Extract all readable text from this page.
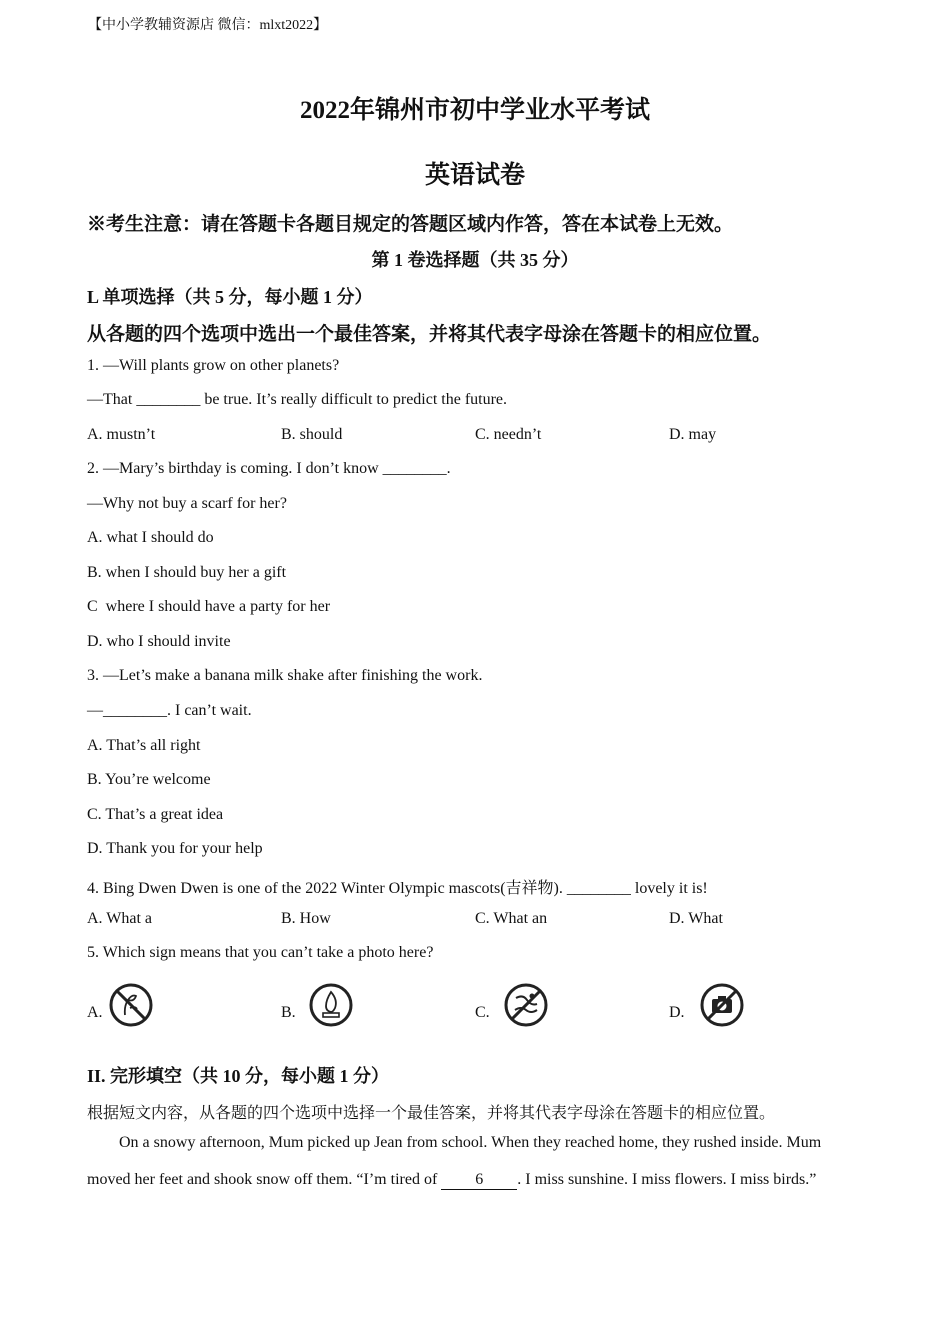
【中小学教辅资源店 微信：mlxt2022】
2022年锦州市初中学业水平考试
英语试卷
※考生注意：请在答题卡各题目规定的答题区域内作答，答在本试卷上无效。
第 1 卷选择题（共 35 分）
L 单项选择（共 5 分，每小题 1 分）
从各题的四个选项中选出一个最佳答案，并将其代表字母涂在答题卡的相应位置。
1. —Will plants grow on other planets?
—That ________ be true. It’s really difficult to predict the future.
A. mustn’t	B. should	C. needn’t	D. may
2. —Mary’s birthday is coming. I don’t know ________.
—Why not buy a scarf for her?
A. what I should do
B. when I should buy her a gift
C  where I should have a party for her
D. who I should invite
3. —Let’s make a banana milk shake after finishing the work.
—________. I can’t wait.
A. That’s all right
B. You’re welcome
C. That’s a great idea
D. Thank you for your help
4. Bing Dwen Dwen is one of the 2022 Winter Olympic mascots(吉祥物). ________ lovely it is!
A. What a	B. How	C. What an	D. What
5. Which sign means that you can’t take a photo here?
A.	B.	C.	D.
II. 完形填空（共 10 分，每小题 1 分）
根据短文内容，从各题的四个选项中选择一个最佳答案，并将其代表字母涂在答题卡的相应位置。
On a snowy afternoon, Mum picked up Jean from school. When they reached home, they rushed inside. Mum
moved her feet and shook snow off them. “I’m tired of 6 . I miss sunshine. I miss flowers. I miss birds.”
